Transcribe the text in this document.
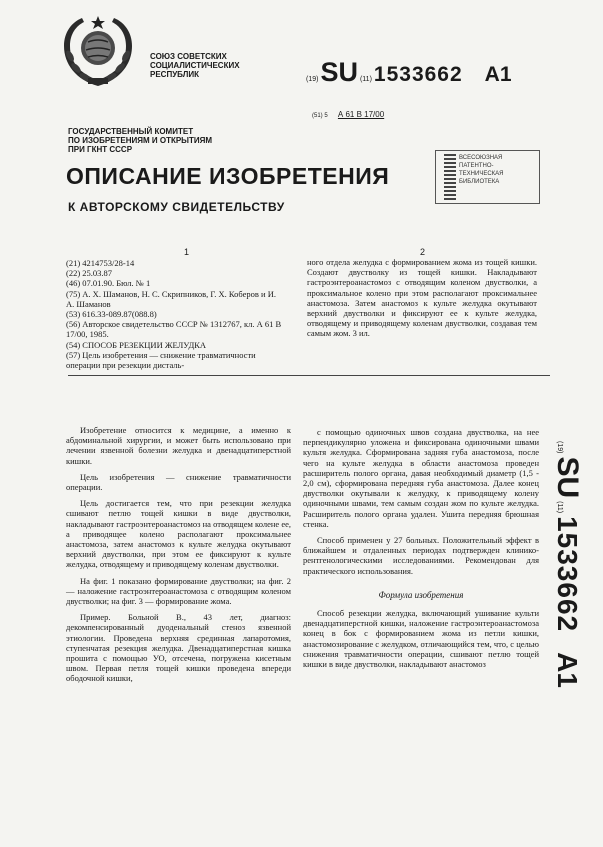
СОЮЗ СОВЕТСКИХ
СОЦИАЛИСТИЧЕСКИХ
РЕСПУБЛИК
(19) SU (11) 1533662 A1
(51) 5 А 61 В 17/00
ГОСУДАРСТВЕННЫЙ КОМИТЕТ
ПО ИЗОБРЕТЕНИЯМ И ОТКРЫТИЯМ
ПРИ ГКНТ СССР
ОПИСАНИЕ ИЗОБРЕТЕНИЯ
К АВТОРСКОМУ СВИДЕТЕЛЬСТВУ
ВСЕСОЮЗНАЯ
ПАТЕНТНО-
ТЕХНИЧЕСКАЯ
БИБЛИОТЕКА
1	2
(21) 4214753/28-14
(22) 25.03.87
(46) 07.01.90. Бюл. № 1
(75) А. Х. Шаманов, Н. С. Скрипников, Г. Х. Коберов и И. А. Шаманов
(53) 616.33-089.87(088.8)
(56) Авторское свидетельство СССР № 1312767, кл. А 61 В 17/00, 1985.
(54) СПОСОБ РЕЗЕКЦИИ ЖЕЛУДКА
(57) Цель изобретения — снижение травматичности операции при резекции дисталь-

ного отдела желудка с формированием жома из тощей кишки. Создают двустволку из тощей кишки. Накладывают гастроэнтероанастомоз с отводящим коленом двустволки, а проксимальное колено при этом располагают проксимальнее анастомоза. Затем анастомоз к культе желудка окутывают верхний двустволки и фиксируют ее к культе желудка, отводящему и приводящему коленам двустволки, создавая тем самым жом. 3 ил.

Изобретение относится к медицине, а именно к абдоминальной хирургии, и может быть использовано при лечении язвенной болезни желудка и двенадцатиперстной кишки.

Цель изобретения — снижение травматичности операции.

Цель достигается тем, что при резекции желудка сшивают петлю тощей кишки в виде двустволки, накладывают гастроэнтероанастомоз на отводящем колене ее, а приводящее колено располагают проксимальнее анастомоза, затем анастомоз к культе желудка окутывают верхний двустволки, при этом ее фиксируют к культе желудка, отводящему и приводящему коленам двустволки.

На фиг. 1 показано формирование двустволки; на фиг. 2 — наложение гастроэнтероанастомоза с отводящим коленом двустволки; на фиг. 3 — формирование жома.

Пример. Больной В., 43 лет, диагноз: декомпенсированный дуоденальный стеноз язвенной этиологии. Проведена верхняя срединная лапаротомия, ступенчатая резекция желудка. Двенадцатиперстная кишка прошита с помощью УО, отсечена, погружена кисетным швом. Первая петля тощей кишки проведена впереди ободочной кишки,

с помощью одиночных швов создана двустволка, на нее перпендикулярно уложена и фиксирована одиночными швами культя желудка. Сформирована задняя губа анастомоза, после чего на культе желудка в области анастомоза проведен расширитель полого органа, давая необходимый диаметр (1,5 - 2,0 см), сформирована передняя губа анастомоза. Далее конец двустволки окутывали к желудку, к приводящему колену одиночными швами, тем самым создан жом по культе желудка. Расширитель полого органа удален. Ушита передняя брюшная стенка.

Способ применен у 27 больных. Положительный эффект в ближайшем и отдаленных периодах подтвержден клинико-рентгенологическими исследованиями. Рекомендован для практического использования.

Формула изобретения

Способ резекции желудка, включающий ушивание культи двенадцатиперстной кишки, наложение гастроэнтероанастомоза конец в бок с формированием жома из петли кишки, анастомозирование с желудком, отличающийся тем, что, с целью снижения травматичности операции, сшивают петлю тощей кишки в виде двустволки, накладывают анастомоз

(19)
SU
(11)
1533662
A1
